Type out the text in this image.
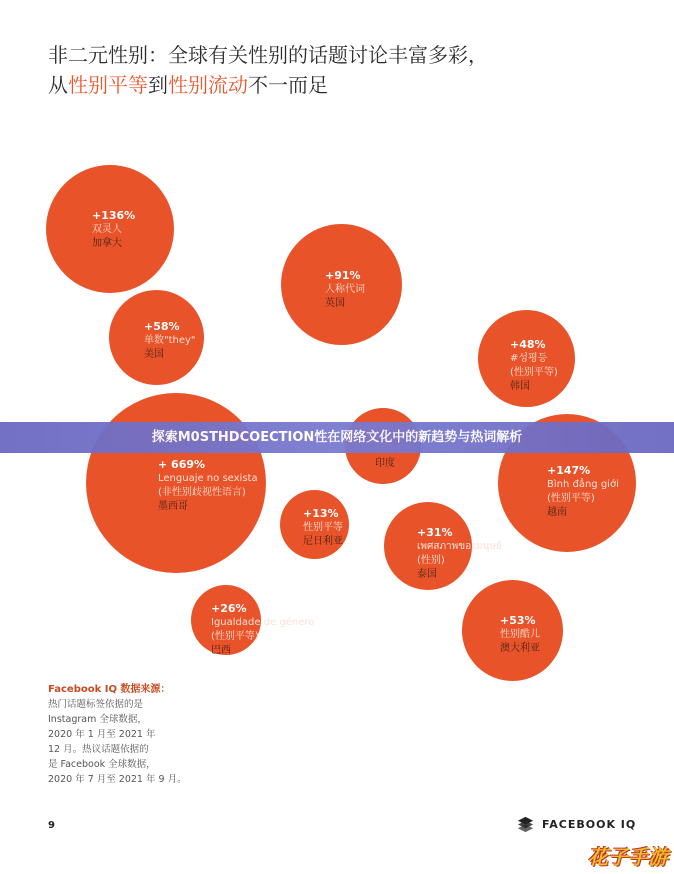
非二元性别：全球有关性别的话题讨论丰富多彩，
从性别平等到性别流动不一而足
+136%
双灵人
加拿大
+91%
人称代词
英国
+58%
单数"they"
美国
+48%
#성평등
(性别平等)
韩国
印度
+ 669%
Lenguaje no sexista
(非性别歧视性语言)
墨西哥
+147%
Bình đẳng giới
(性别平等)
越南
+13%
性别平等
尼日利亚
+31%
เพศสภาพของมนุษย์
(性别)
泰国
+26%
Igualdade de género
(性别平等)
巴西
+53%
性别酷儿
澳大利亚
探索M0STHDCOECTION性在网络文化中的新趋势与热词解析
Facebook IQ 数据来源：
热门话题标签依据的是
Instagram 全球数据，
2020 年 1 月至 2021 年
12 月。热议话题依据的
是 Facebook 全球数据，
2020 年 7 月至 2021 年 9 月。
9	FACEBOOK IQ
花子手游
